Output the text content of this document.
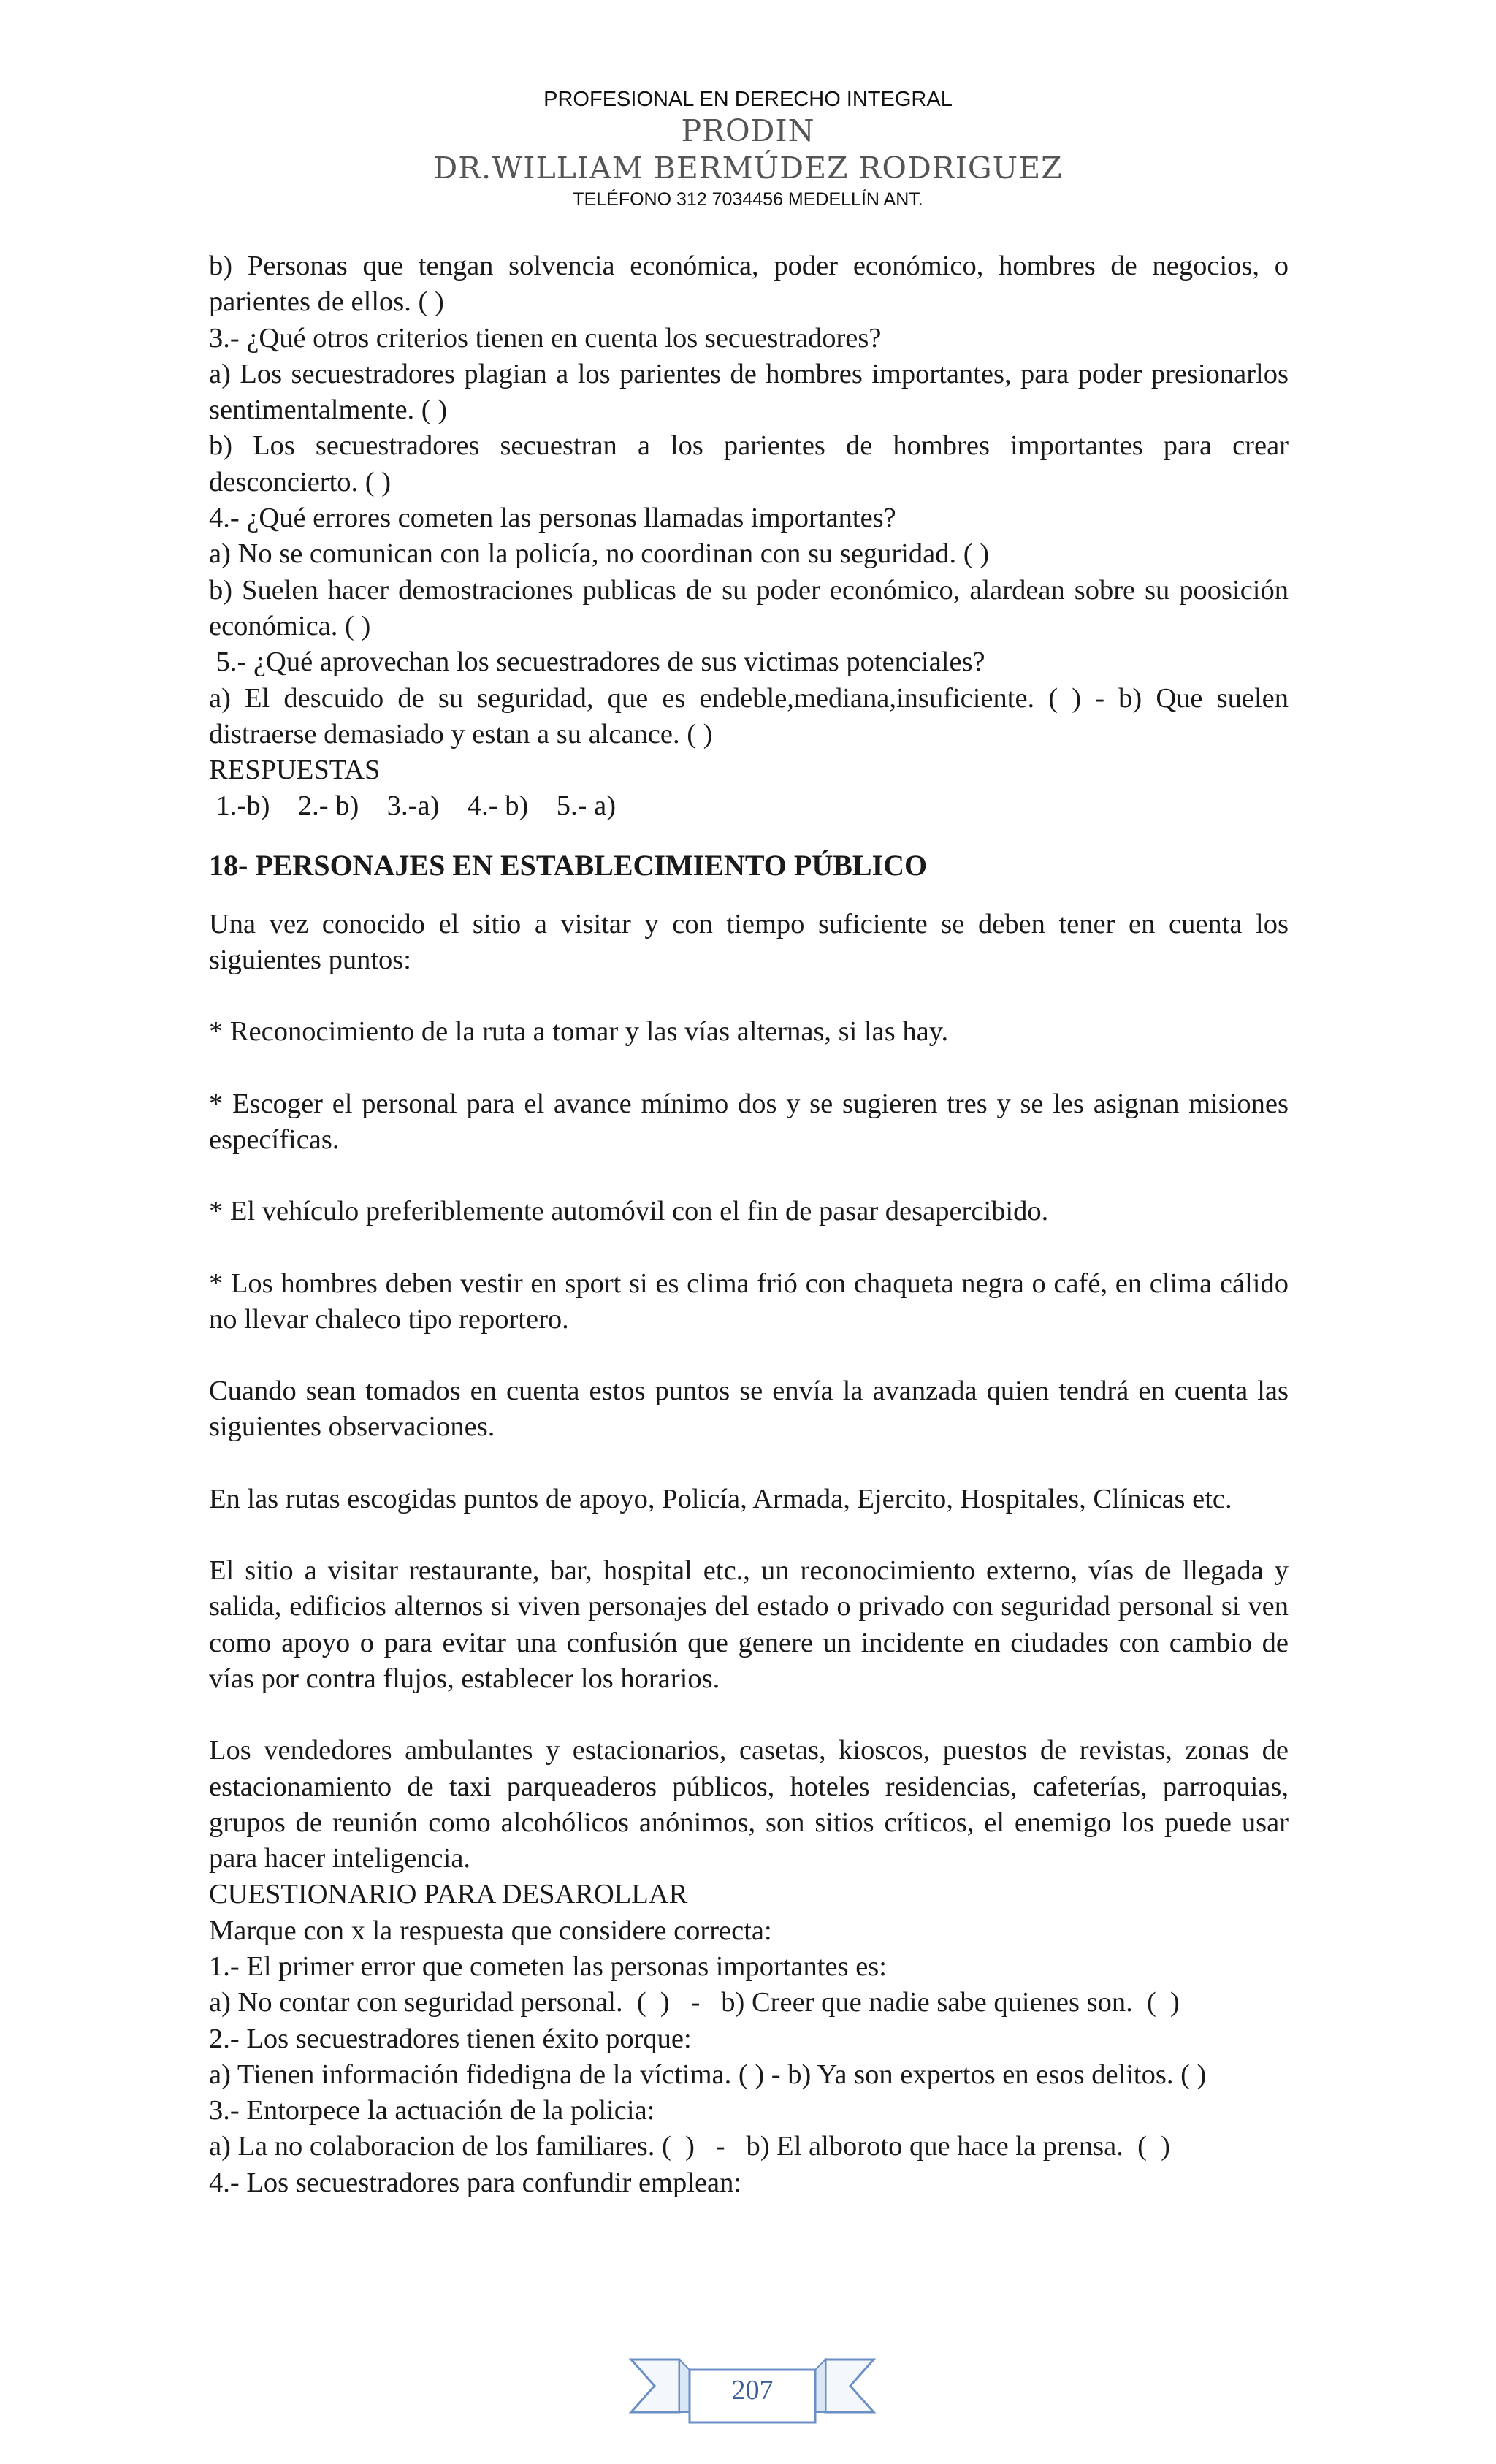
PROFESIONAL EN DERECHO INTEGRAL
PRODIN
DR.WILLIAM BERMÚDEZ RODRIGUEZ
TELÉFONO 312 7034456 MEDELLÍN ANT.

b) Personas que tengan solvencia económica, poder económico, hombres de negocios, o parientes de ellos. ( )

3.- ¿Qué otros criterios tienen en cuenta los secuestradores?

a) Los secuestradores plagian a los parientes de hombres importantes, para poder presionarlos sentimentalmente. ( )

b) Los secuestradores secuestran a los parientes de hombres importantes para crear desconcierto. ( )

4.- ¿Qué errores cometen las personas llamadas importantes?

a) No se comunican con la policía, no coordinan con su seguridad. ( )

b) Suelen hacer demostraciones publicas de su poder económico, alardean sobre su poosición económica. ( )

5.- ¿Qué aprovechan los secuestradores de sus victimas potenciales?

a) El descuido de su seguridad, que es endeble,mediana,insuficiente. ( ) - b) Que suelen distraerse demasiado y estan a su alcance. ( )

RESPUESTAS

1.-b)    2.- b)    3.-a)    4.- b)    5.- a)

18- PERSONAJES EN ESTABLECIMIENTO PÚBLICO

Una vez conocido el sitio a visitar y con tiempo suficiente se deben tener en cuenta los siguientes puntos:

* Reconocimiento de la ruta a tomar y las vías alternas, si las hay.

* Escoger el personal para el avance mínimo dos y se sugieren tres y se les asignan misiones específicas.

* El vehículo preferiblemente automóvil con el fin de pasar desapercibido.

* Los hombres deben vestir en sport si es clima frió con chaqueta negra o café, en clima cálido no llevar chaleco tipo reportero.

Cuando sean tomados en cuenta estos puntos se envía la avanzada quien tendrá en cuenta las siguientes observaciones.

En las rutas escogidas puntos de apoyo, Policía, Armada, Ejercito, Hospitales, Clínicas etc.

El sitio a visitar restaurante, bar, hospital etc., un reconocimiento externo, vías de llegada y salida, edificios alternos si viven personajes del estado o privado con seguridad personal si ven como apoyo o para evitar una confusión que genere un incidente en ciudades con cambio de vías por contra flujos, establecer los horarios.

Los vendedores ambulantes y estacionarios, casetas, kioscos, puestos de revistas, zonas de estacionamiento de taxi parqueaderos públicos, hoteles residencias, cafeterías, parroquias, grupos de reunión como alcohólicos anónimos, son sitios críticos, el enemigo los puede usar para hacer inteligencia.

CUESTIONARIO PARA DESAROLLAR

Marque con x la respuesta que considere correcta:

1.- El primer error que cometen las personas importantes es:

a) No contar con seguridad personal.  (  )   -   b) Creer que nadie sabe quienes son.  (  )

2.- Los secuestradores tienen éxito porque:

a) Tienen información fidedigna de la víctima. ( ) - b) Ya son expertos en esos delitos. ( )

3.- Entorpece la actuación de la policia:

a) La no colaboracion de los familiares. (  )   -   b) El alboroto que hace la prensa.  (  )

4.- Los secuestradores para confundir emplean:

207
